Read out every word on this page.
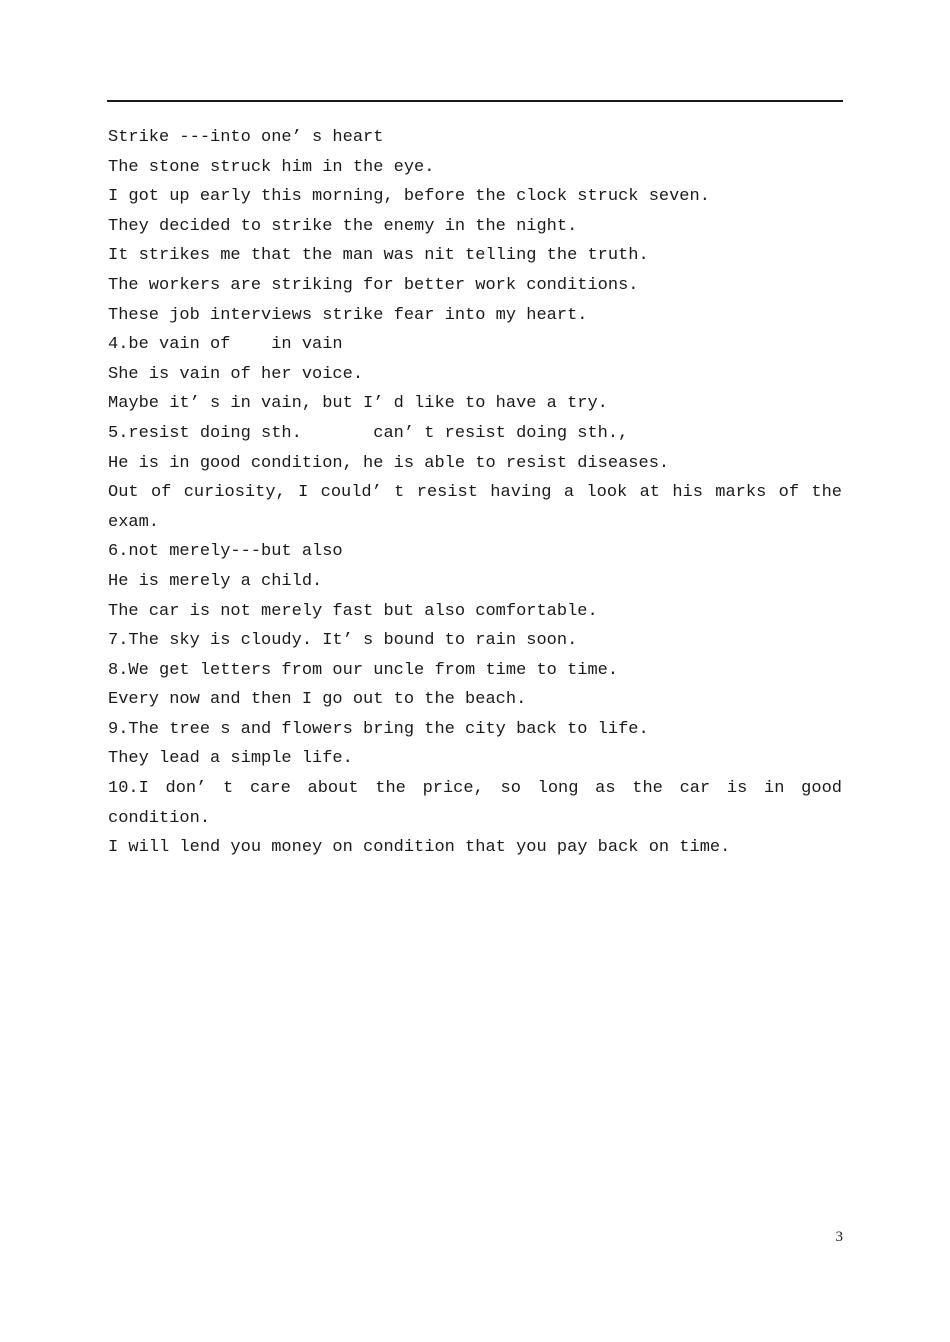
Strike ---into one’ s heart
The stone struck him in the eye.
I got up early this morning, before the clock struck seven.
They decided to strike the enemy in the night.
It strikes me that the man was nit telling the truth.
The workers are striking for better work conditions.
These job interviews strike fear into my heart.
4.be vain of    in vain
She is vain of her voice.
Maybe it’ s in vain, but I’ d like to have a try.
5.resist doing sth.       can’ t resist doing sth.,
He is in good condition, he is able to resist diseases.
Out of curiosity, I could’ t resist having a look at his marks of the
exam.
6.not merely---but also
He is merely a child.
The car is not merely fast but also comfortable.
7.The sky is cloudy. It’ s bound to rain soon.
8.We get letters from our uncle from time to time.
Every now and then I go out to the beach.
9.The tree s and flowers bring the city back to life.
They lead a simple life.
10.I don’ t care about the price, so long as the car is in good
condition.
I will lend you money on condition that you pay back on time.
3
